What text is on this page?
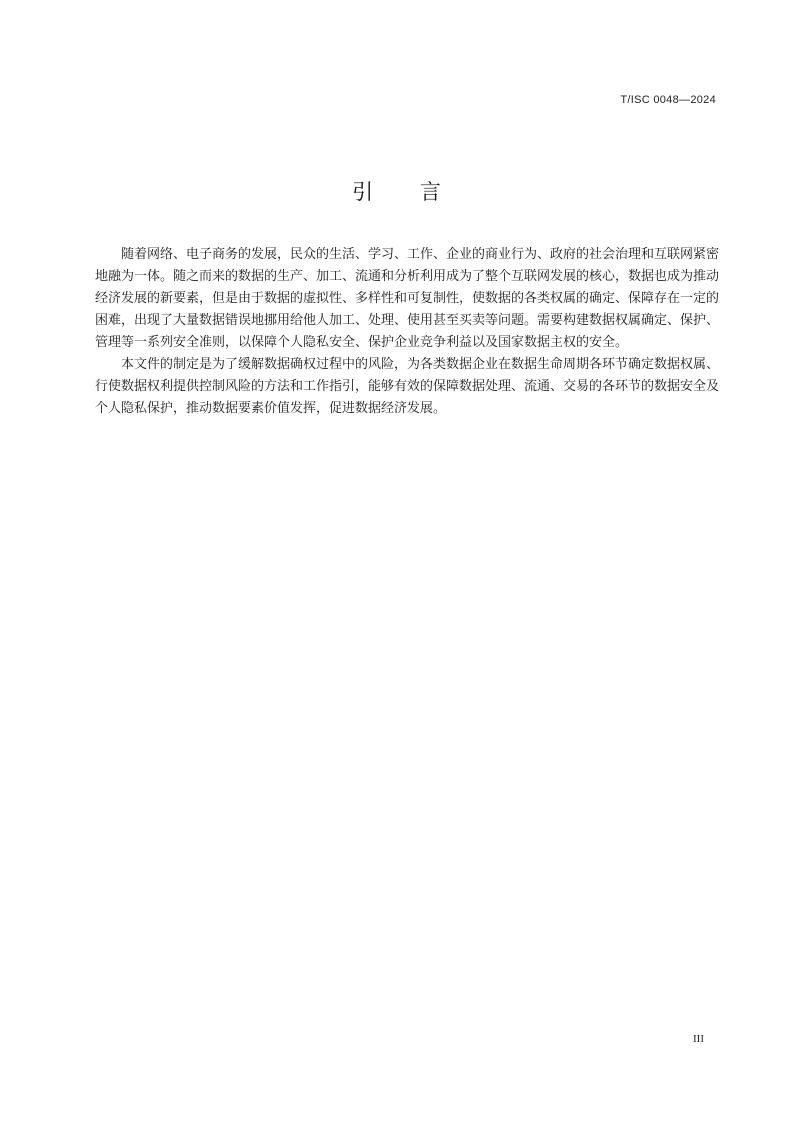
T/ISC 0048—2024
引 言

随着网络、电子商务的发展，民众的生活、学习、工作、企业的商业行为、政府的社会治理和互联网紧密地融为一体。随之而来的数据的生产、加工、流通和分析利用成为了整个互联网发展的核心，数据也成为推动经济发展的新要素，但是由于数据的虚拟性、多样性和可复制性，使数据的各类权属的确定、保障存在一定的困难，出现了大量数据错误地挪用给他人加工、处理、使用甚至买卖等问题。需要构建数据权属确定、保护、管理等一系列安全准则，以保障个人隐私安全、保护企业竞争利益以及国家数据主权的安全。

本文件的制定是为了缓解数据确权过程中的风险，为各类数据企业在数据生命周期各环节确定数据权属、行使数据权利提供控制风险的方法和工作指引，能够有效的保障数据处理、流通、交易的各环节的数据安全及个人隐私保护，推动数据要素价值发挥，促进数据经济发展。

III
